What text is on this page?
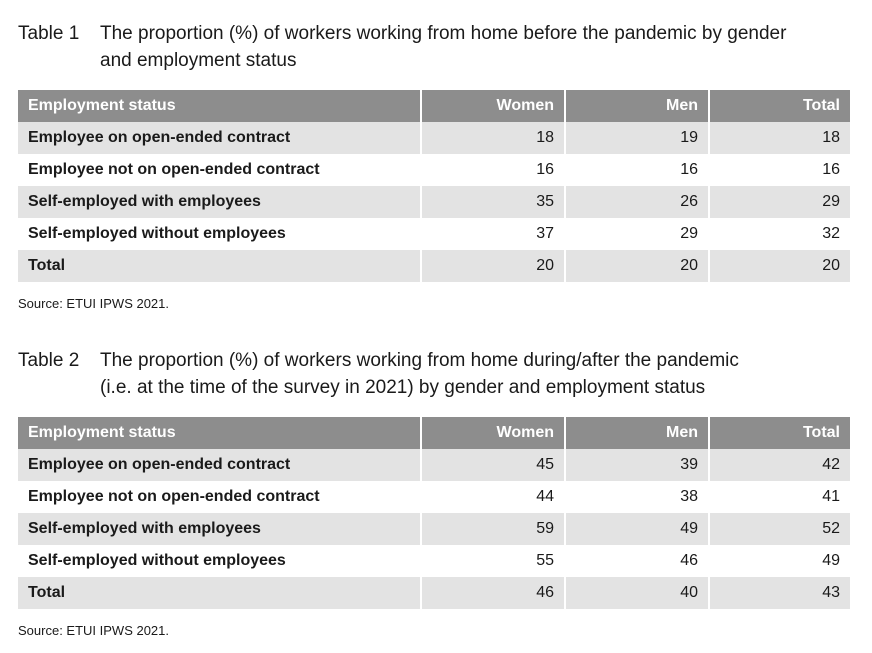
Table 1	The proportion (%) of workers working from home before the pandemic by gender
and employment status
Employment status	Women	Men	Total
Employee on open-ended contract	18	19	18
Employee not on open-ended contract	16	16	16
Self-employed with employees	35	26	29
Self-employed without employees	37	29	32
Total	20	20	20
Source: ETUI IPWS 2021.
Table 2	The proportion (%) of workers working from home during/after the pandemic
(i.e. at the time of the survey in 2021) by gender and employment status
Employment status	Women	Men	Total
Employee on open-ended contract	45	39	42
Employee not on open-ended contract	44	38	41
Self-employed with employees	59	49	52
Self-employed without employees	55	46	49
Total	46	40	43
Source: ETUI IPWS 2021.
